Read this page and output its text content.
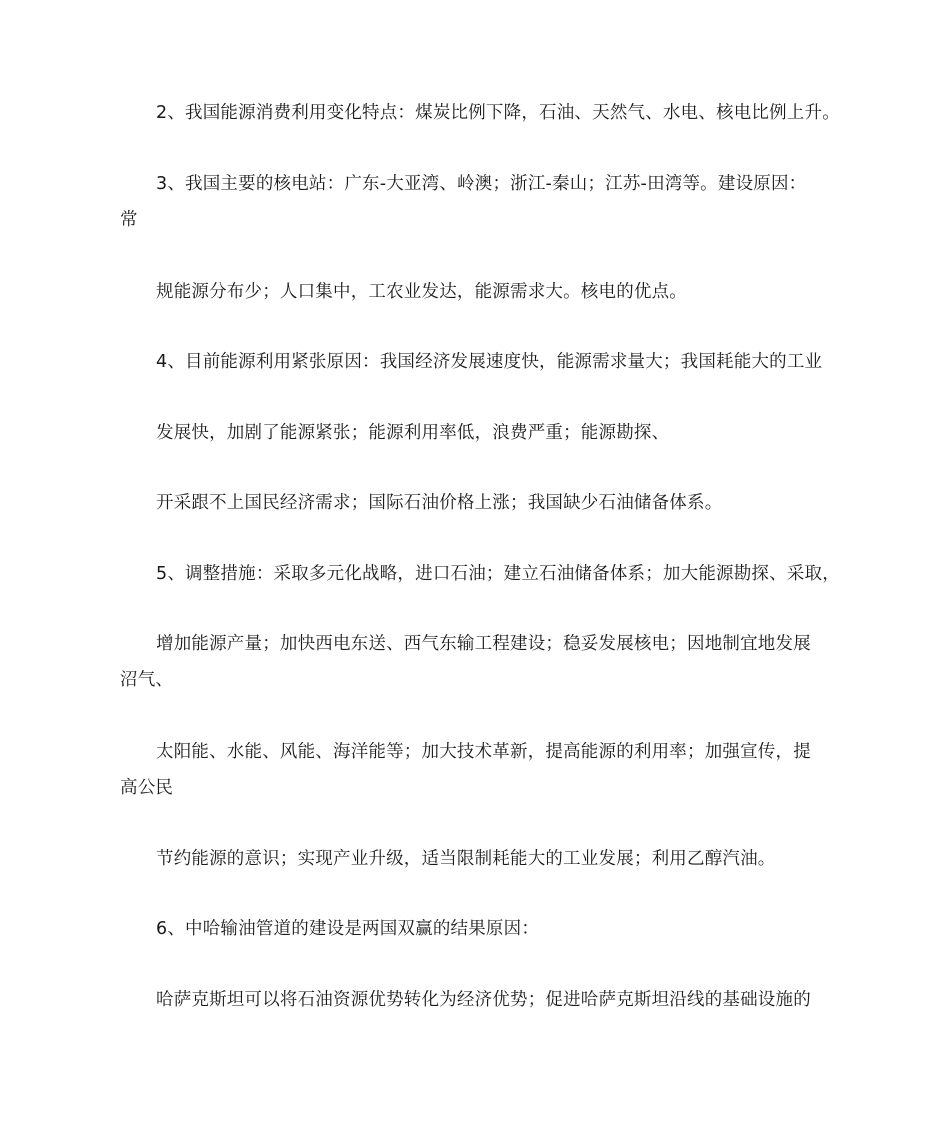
2、我国能源消费利用变化特点：煤炭比例下降，石油、天然气、水电、核电比例上升。
3、我国主要的核电站：广东-大亚湾、岭澳；浙江-秦山；江苏-田湾等。建设原因：
常
规能源分布少；人口集中，工农业发达，能源需求大。核电的优点。
4、目前能源利用紧张原因：我国经济发展速度快，能源需求量大；我国耗能大的工业
发展快，加剧了能源紧张；能源利用率低，浪费严重；能源勘探、
开采跟不上国民经济需求；国际石油价格上涨；我国缺少石油储备体系。
5、调整措施：采取多元化战略，进口石油；建立石油储备体系；加大能源勘探、采取，
增加能源产量；加快西电东送、西气东输工程建设；稳妥发展核电；因地制宜地发展
沼气、
太阳能、水能、风能、海洋能等；加大技术革新，提高能源的利用率；加强宣传，提
高公民
节约能源的意识；实现产业升级，适当限制耗能大的工业发展；利用乙醇汽油。
6、中哈输油管道的建设是两国双赢的结果原因：
哈萨克斯坦可以将石油资源优势转化为经济优势；促进哈萨克斯坦沿线的基础设施的
